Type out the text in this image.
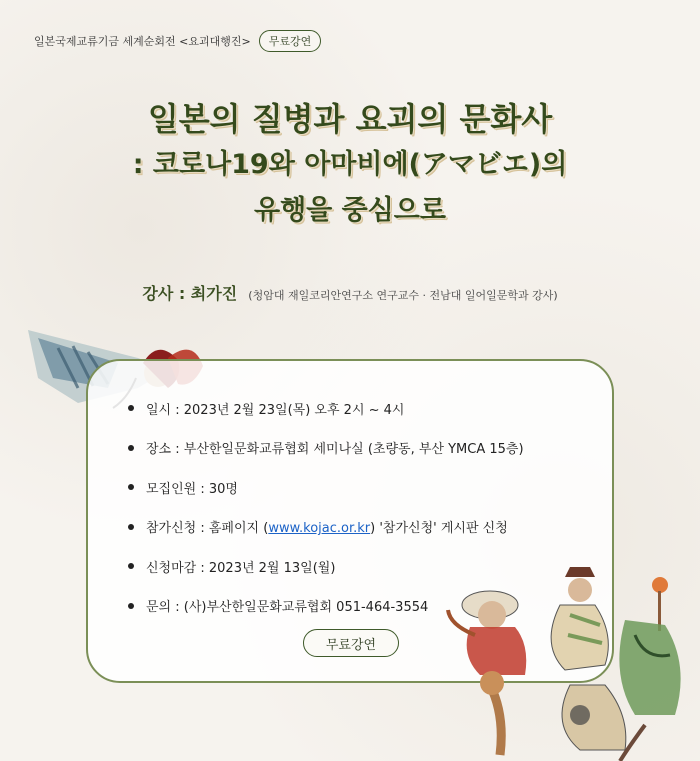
일본국제교류기금 세계순회전 <요괴대행진>	무료강연
일본의 질병과 요괴의 문화사
: 코로나19와 아마비에(アマビエ)의
유행을 중심으로
강사 : 최가진 (청암대 재일코리안연구소 연구교수 · 전남대 일어일문학과 강사)
일시 : 2023년 2월 23일(목) 오후 2시 ~ 4시
장소 : 부산한일문화교류협회 세미나실 (초량동, 부산 YMCA 15층)
모집인원 : 30명
참가신청 : 홈페이지 (www.kojac.or.kr) '참가신청' 게시판 신청
신청마감 : 2023년 2월 13일(월)
문의 : (사)부산한일문화교류협회 051-464-3554
무료강연
